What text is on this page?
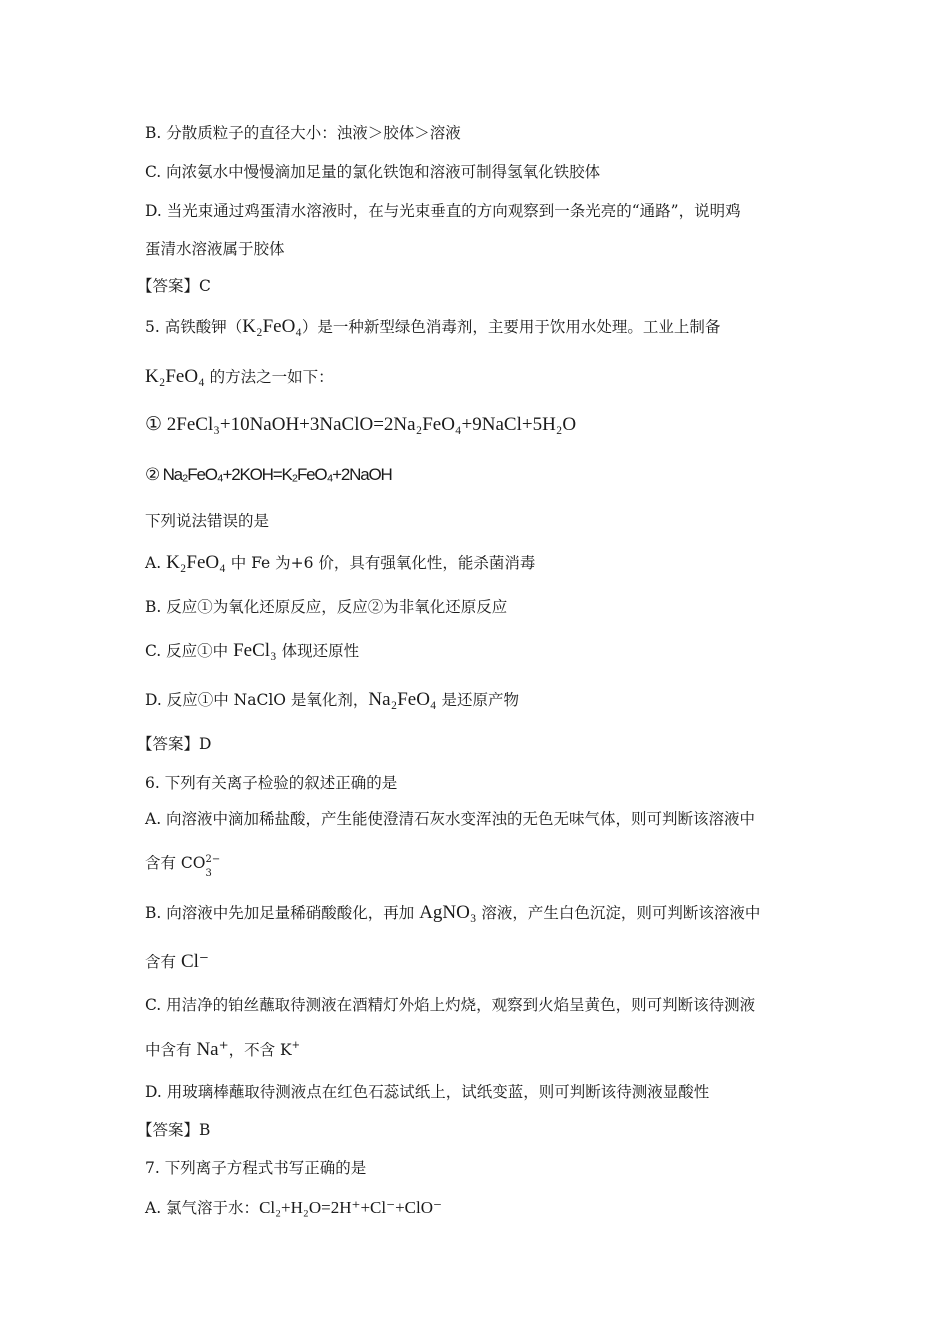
B. 分散质粒子的直径大小：浊液＞胶体＞溶液
C. 向浓氨水中慢慢滴加足量的氯化铁饱和溶液可制得氢氧化铁胶体
D. 当光束通过鸡蛋清水溶液时，在与光束垂直的方向观察到一条光亮的“通路”，说明鸡
蛋清水溶液属于胶体
【答案】C
5. 高铁酸钾（K₂FeO₄）是一种新型绿色消毒剂，主要用于饮用水处理。工业上制备
K₂FeO₄ 的方法之一如下：
① 2FeCl₃+10NaOH+3NaClO=2Na₂FeO₄+9NaCl+5H₂O
② Na₂FeO₄+2KOH=K₂FeO₄+2NaOH
下列说法错误的是
A. K₂FeO₄ 中 Fe 为+6 价，具有强氧化性，能杀菌消毒
B. 反应①为氧化还原反应，反应②为非氧化还原反应
C. 反应①中 FeCl₃ 体现还原性
D. 反应①中 NaClO 是氧化剂，Na₂FeO₄ 是还原产物
【答案】D
6. 下列有关离子检验的叙述正确的是
A. 向溶液中滴加稀盐酸，产生能使澄清石灰水变浑浊的无色无味气体，则可判断该溶液中
含有 CO 2−
3
B. 向溶液中先加足量稀硝酸酸化，再加 AgNO₃ 溶液，产生白色沉淀，则可判断该溶液中
含有 Cl⁻
C. 用洁净的铂丝蘸取待测液在酒精灯外焰上灼烧，观察到火焰呈黄色，则可判断该待测液
中含有 Na⁺，不含 K+
D. 用玻璃棒蘸取待测液点在红色石蕊试纸上，试纸变蓝，则可判断该待测液显酸性
【答案】B
7. 下列离子方程式书写正确的是
A. 氯气溶于水：Cl₂+H₂O=2H⁺+Cl⁻+ClO⁻
